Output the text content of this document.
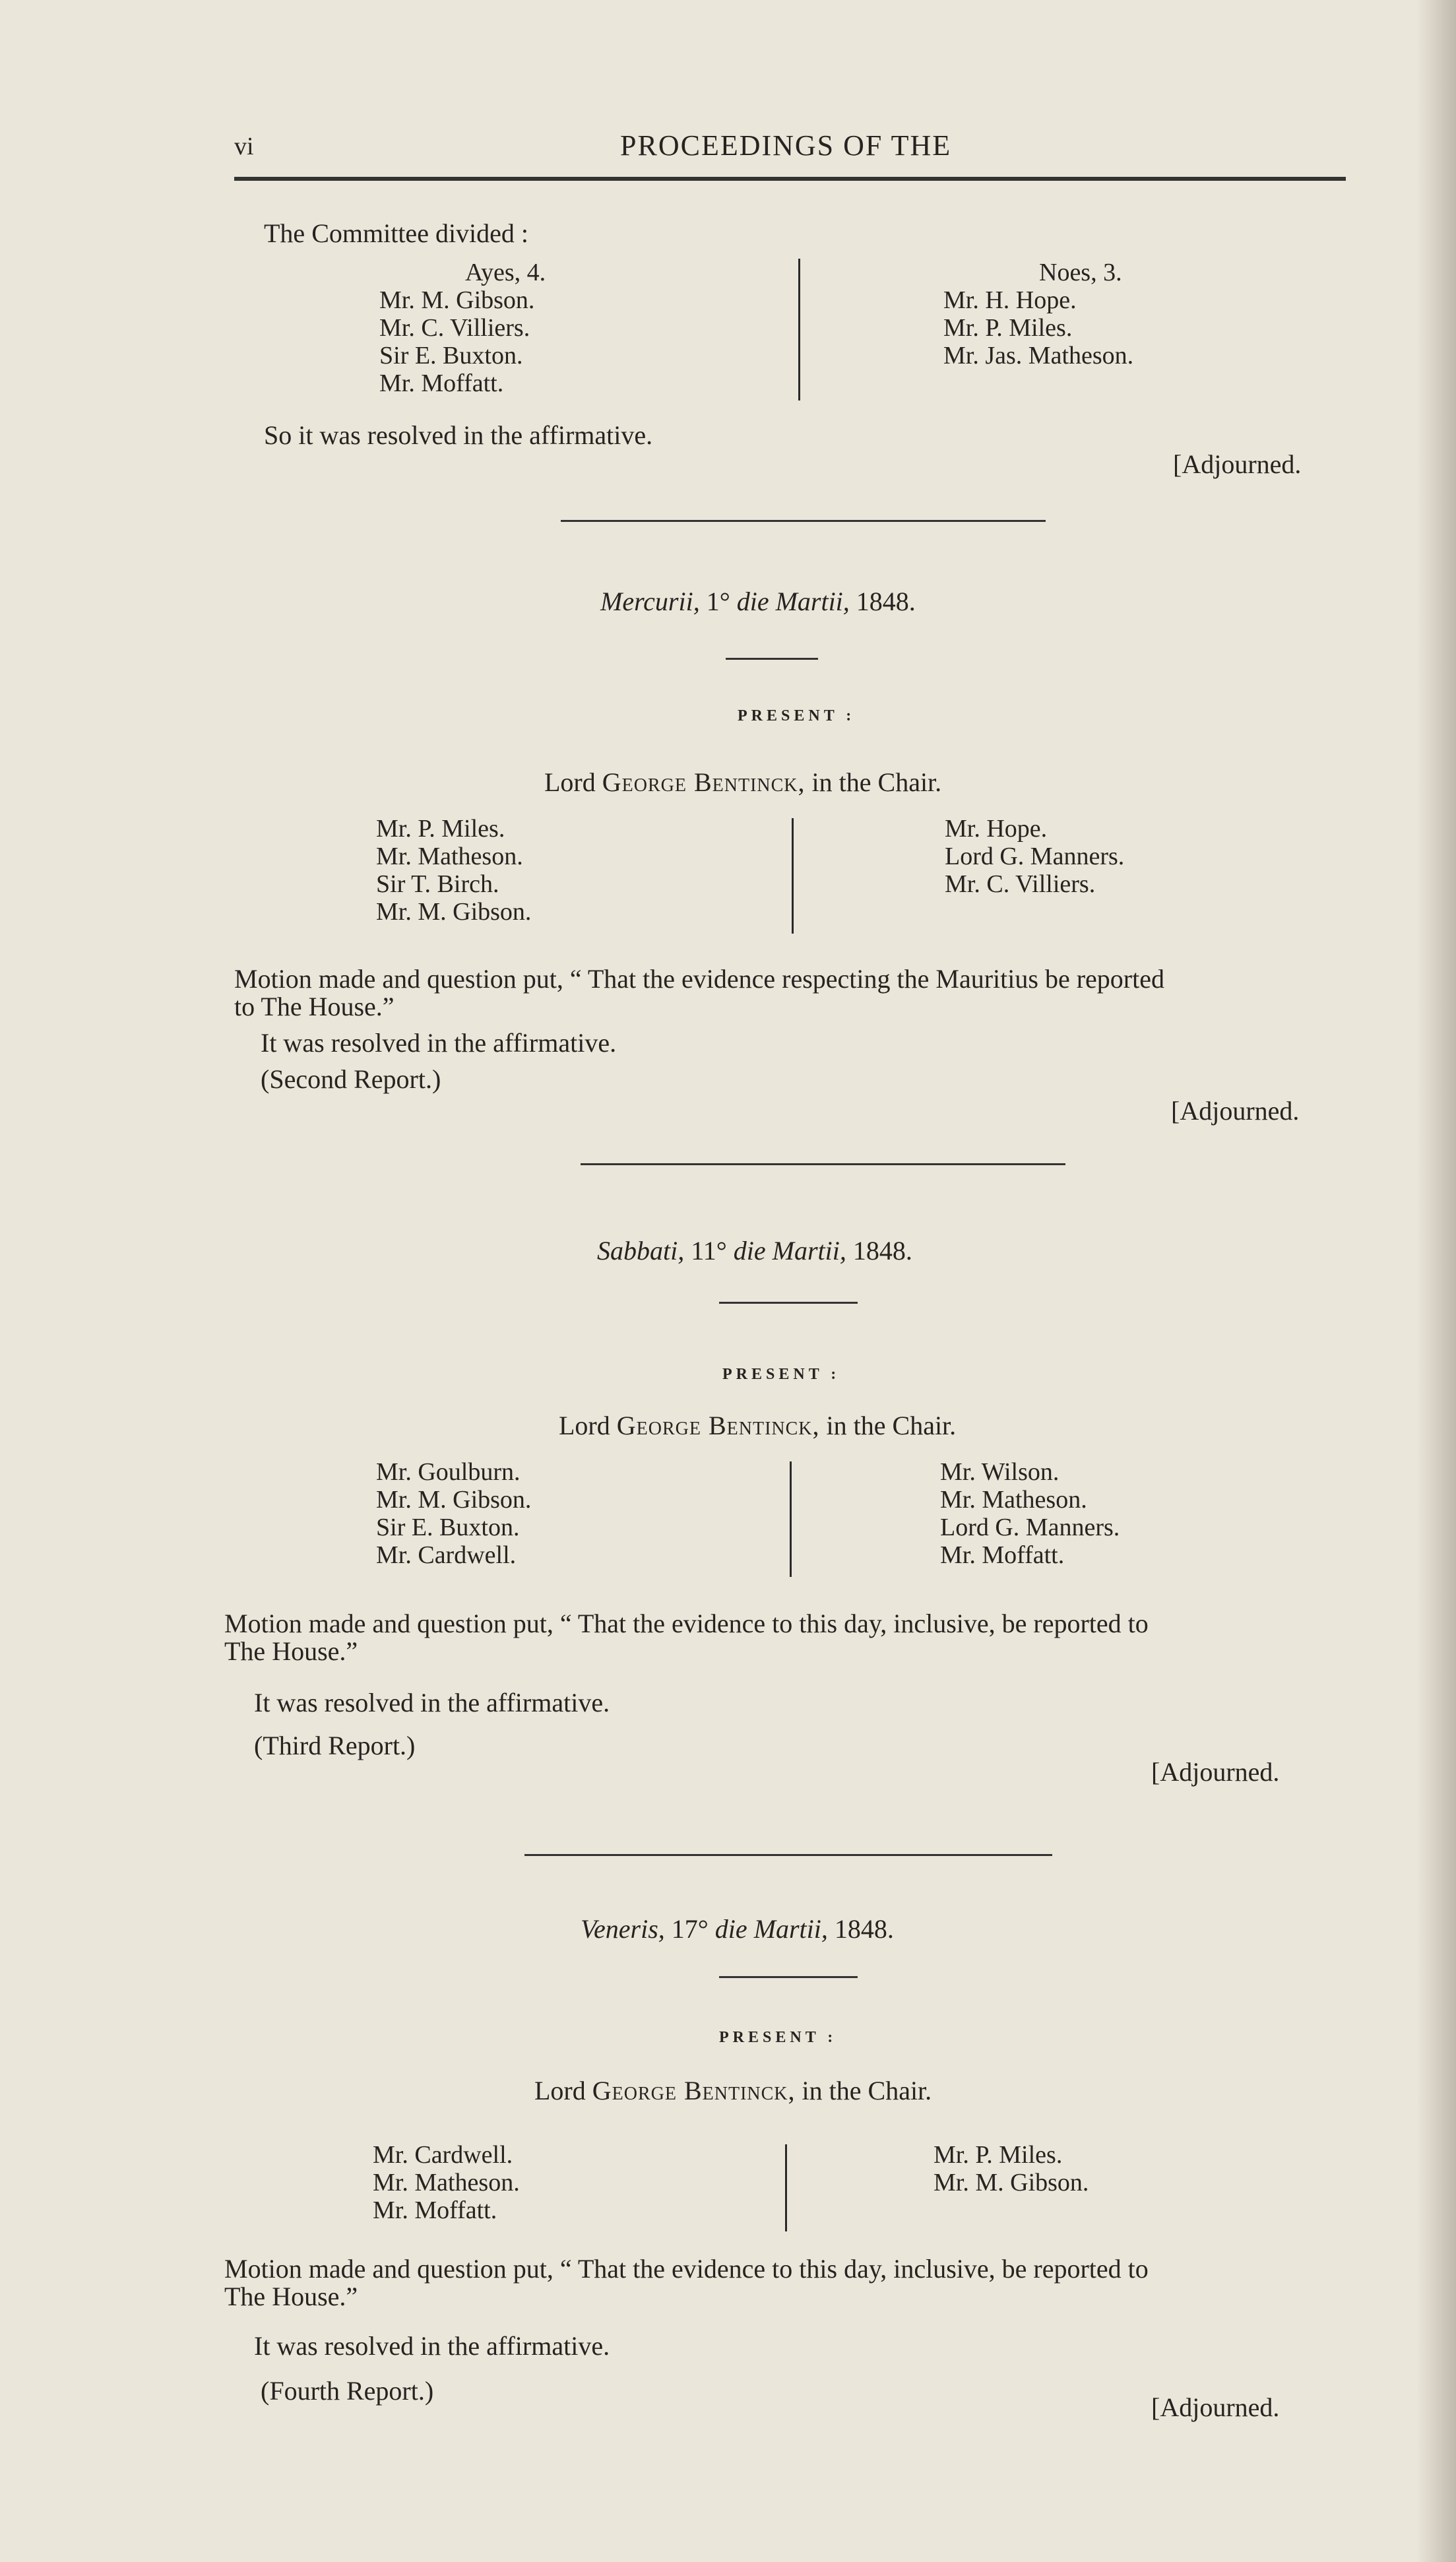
vi	PROCEEDINGS OF THE
The Committee divided :
Ayes, 4.
Mr. M. Gibson.
Mr. C. Villiers.
Sir E. Buxton.
Mr. Moffatt.
Noes, 3.
Mr. H. Hope.
Mr. P. Miles.
Mr. Jas. Matheson.
So it was resolved in the affirmative.
[Adjourned.
Mercurii, 1° die Martii, 1848.
PRESENT :
Lord George Bentinck, in the Chair.
Mr. P. Miles.
Mr. Matheson.
Sir T. Birch.
Mr. M. Gibson.
Mr. Hope.
Lord G. Manners.
Mr. C. Villiers.
Motion made and question put, “ That the evidence respecting the Mauritius be reported
to The House.”
It was resolved in the affirmative.
(Second Report.)
[Adjourned.
Sabbati, 11° die Martii, 1848.
PRESENT :
Lord George Bentinck, in the Chair.
Mr. Goulburn.
Mr. M. Gibson.
Sir E. Buxton.
Mr. Cardwell.
Mr. Wilson.
Mr. Matheson.
Lord G. Manners.
Mr. Moffatt.
Motion made and question put, “ That the evidence to this day, inclusive, be reported to
The House.”
It was resolved in the affirmative.
(Third Report.)
[Adjourned.
Veneris, 17° die Martii, 1848.
PRESENT :
Lord George Bentinck, in the Chair.
Mr. Cardwell.
Mr. Matheson.
Mr. Moffatt.
Mr. P. Miles.
Mr. M. Gibson.
Motion made and question put, “ That the evidence to this day, inclusive, be reported to
The House.”
It was resolved in the affirmative.
(Fourth Report.)
[Adjourned.
